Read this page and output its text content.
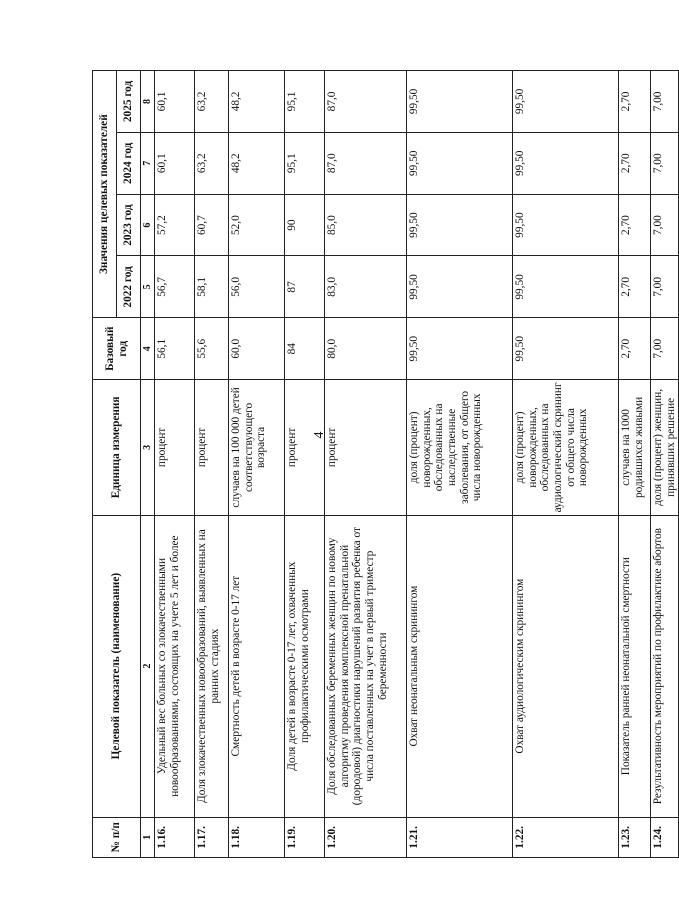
4
№ п/п	Целевой показатель (наименование)	Единица измерения	Базовый год	Значения целевых показателей			
				2022 год	2023 год	2024 год	2025 год
1	2	3	4	5	6	7	8
1.16.	Удельный вес больных со злокачественными новообразованиями, состоящих на учете 5 лет и более	процент	56,1	56,7	57,2	60,1	60,1
1.17.	Доля злокачественных новообразований, выявленных на ранних стадиях	процент	55,6	58,1	60,7	63,2	63,2
1.18.	Смертность детей в возрасте 0-17 лет	случаев на 100 000 детей соответствующего возраста	60,0	56,0	52,0	48,2	48,2
1.19.	Доля детей в возрасте 0-17 лет, охваченных профилактическими осмотрами	процент	84	87	90	95,1	95,1
1.20.	Доля обследованных беременных женщин по новому алгоритму проведения комплексной пренатальной (дородовой) диагностики нарушений развития ребенка от числа поставленных на учет в первый триместр беременности	процент	80,0	83,0	85,0	87,0	87,0
1.21.	Охват неонатальным скринингом	доля (процент) новорожденных, обследованных на наследственные заболевания, от общего числа новорожденных	99,50	99,50	99,50	99,50	99,50
1.22.	Охват аудиологическим скринингом	доля (процент) новорожденных, обследованных на аудиологический скрининг от общего числа новорожденных	99,50	99,50	99,50	99,50	99,50
1.23.	Показатель ранней неонатальной смертности	случаев на 1000 родившихся живыми	2,70	2,70	2,70	2,70	2,70
1.24.	Результативность мероприятий по профилактике абортов	доля (процент) женщин, принявших решение	7,00	7,00	7,00	7,00	7,00
